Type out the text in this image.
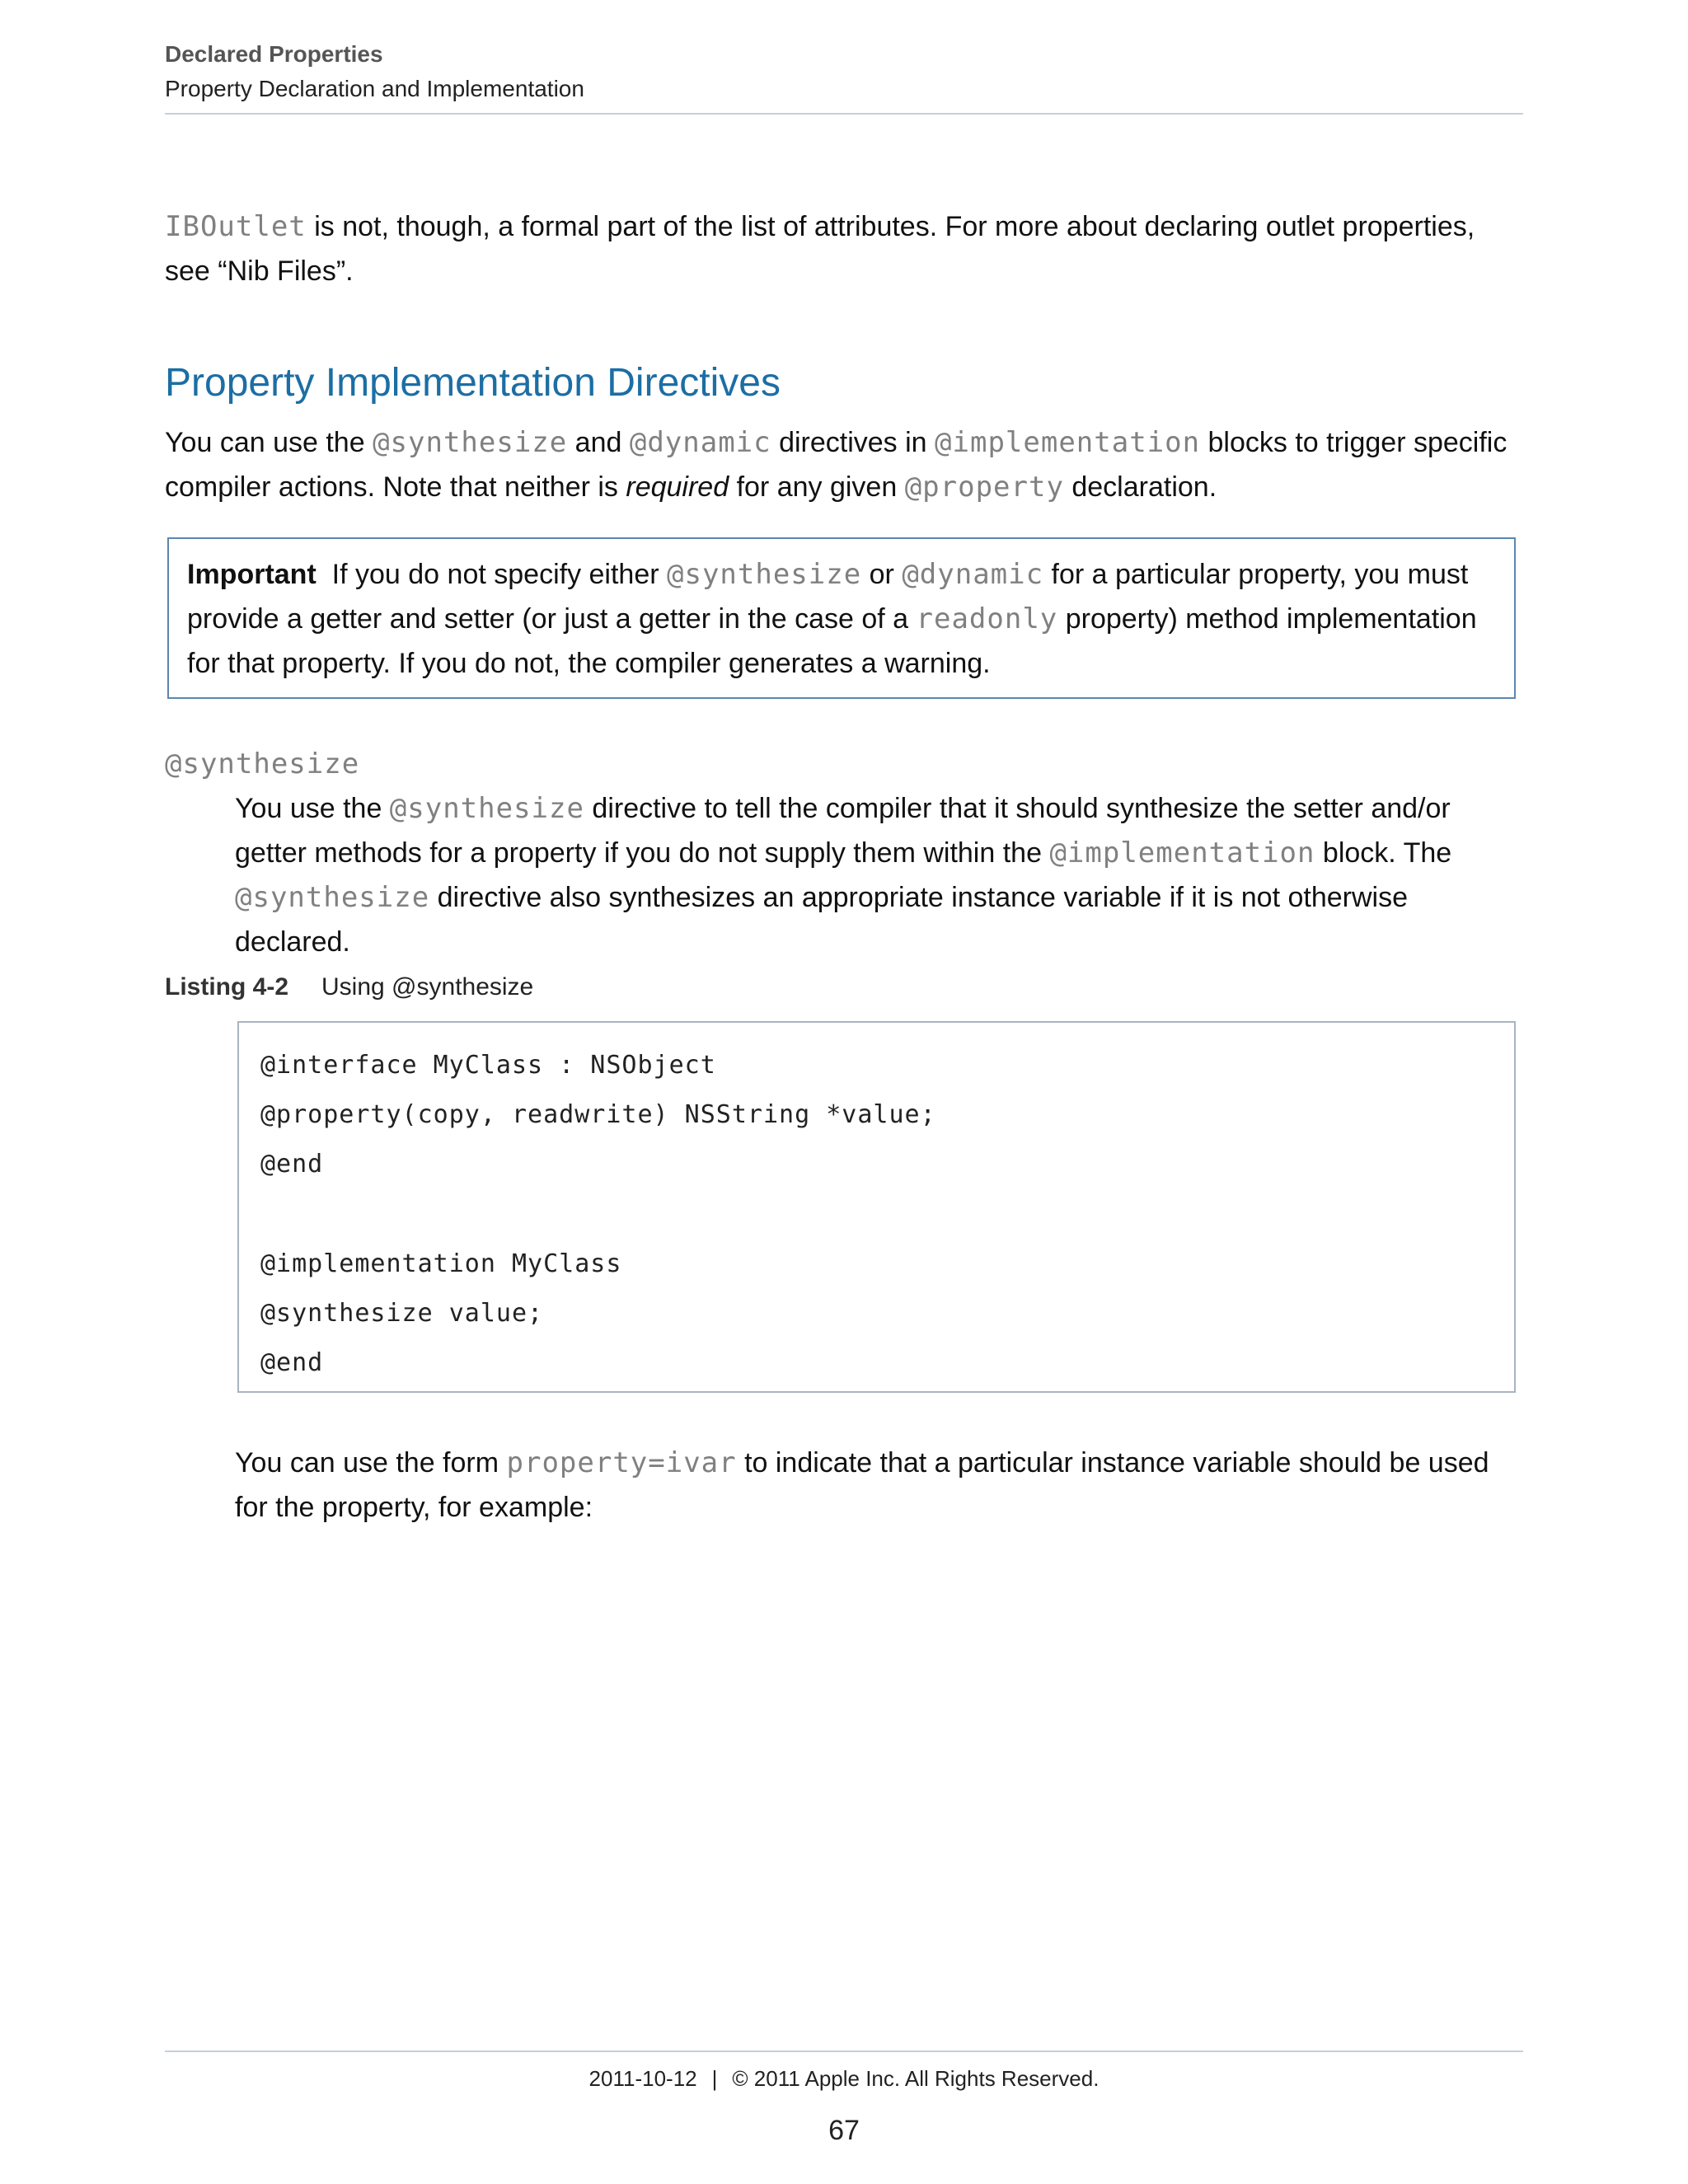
Declared Properties
Property Declaration and Implementation

IBOutlet is not, though, a formal part of the list of attributes. For more about declaring outlet properties, see “Nib Files”.

Property Implementation Directives

You can use the @synthesize and @dynamic directives in @implementation blocks to trigger specific compiler actions. Note that neither is required for any given @property declaration.

Important  If you do not specify either @synthesize or @dynamic for a particular property, you must provide a getter and setter (or just a getter in the case of a readonly property) method implementation for that property. If you do not, the compiler generates a warning.
@synthesize

You use the @synthesize directive to tell the compiler that it should synthesize the setter and/or getter methods for a property if you do not supply them within the @implementation block. The @synthesize directive also synthesizes an appropriate instance variable if it is not otherwise declared.

Listing 4-2 Using @synthesize
@interface MyClass : NSObject
@property(copy, readwrite) NSString *value;
@end
@implementation MyClass
@synthesize value;
@end

You can use the form property=ivar to indicate that a particular instance variable should be used for the property, for example:

2011-10-12 | © 2011 Apple Inc. All Rights Reserved.
67
